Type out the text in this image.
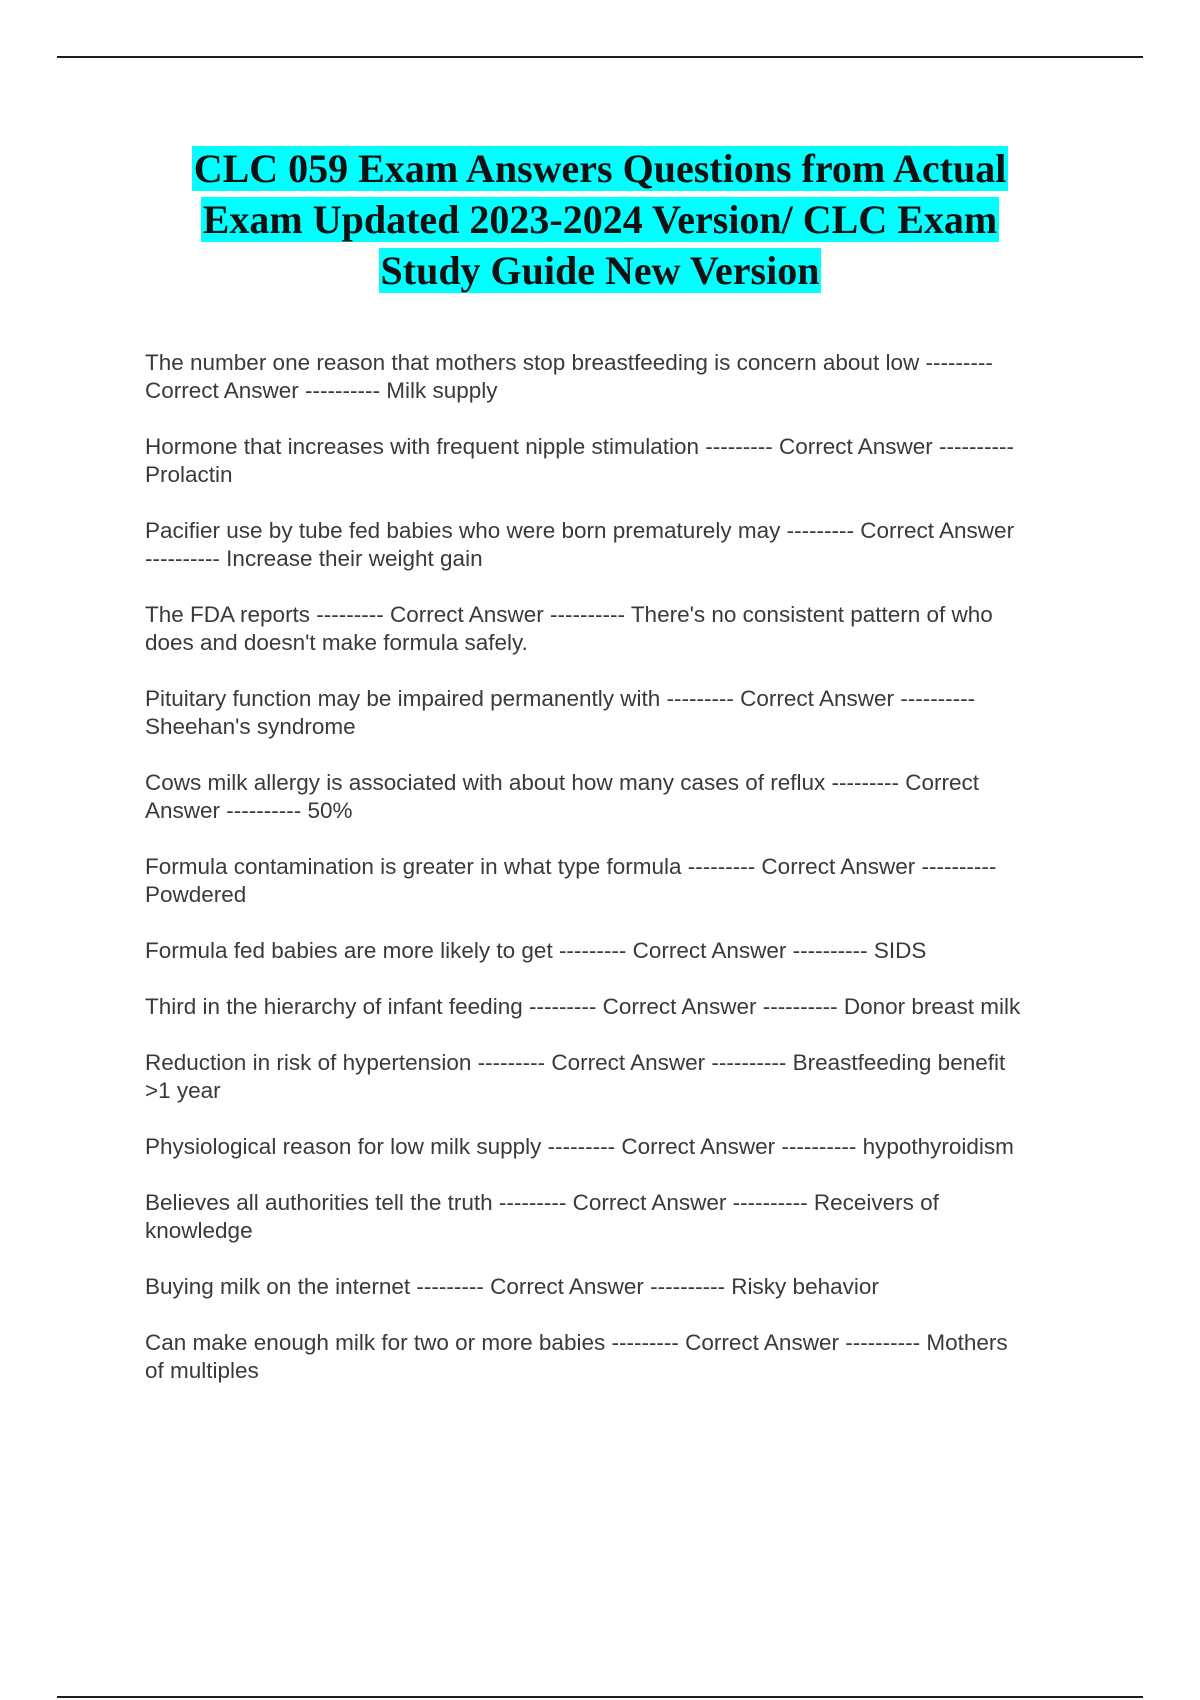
CLC 059 Exam Answers Questions from Actual
Exam Updated 2023-2024 Version/ CLC Exam
Study Guide New Version
The number one reason that mothers stop breastfeeding is concern about low ---------
Correct Answer ---------- Milk supply
Hormone that increases with frequent nipple stimulation --------- Correct Answer ----------
Prolactin
Pacifier use by tube fed babies who were born prematurely may --------- Correct Answer
---------- Increase their weight gain
The FDA reports --------- Correct Answer ---------- There's no consistent pattern of who
does and doesn't make formula safely.
Pituitary function may be impaired permanently with --------- Correct Answer ----------
Sheehan's syndrome
Cows milk allergy is associated with about how many cases of reflux --------- Correct
Answer ---------- 50%
Formula contamination is greater in what type formula --------- Correct Answer ----------
Powdered
Formula fed babies are more likely to get --------- Correct Answer ---------- SIDS
Third in the hierarchy of infant feeding --------- Correct Answer ---------- Donor breast milk
Reduction in risk of hypertension --------- Correct Answer ---------- Breastfeeding benefit
>1 year
Physiological reason for low milk supply --------- Correct Answer ---------- hypothyroidism
Believes all authorities tell the truth --------- Correct Answer ---------- Receivers of
knowledge
Buying milk on the internet --------- Correct Answer ---------- Risky behavior
Can make enough milk for two or more babies --------- Correct Answer ---------- Mothers
of multiples
